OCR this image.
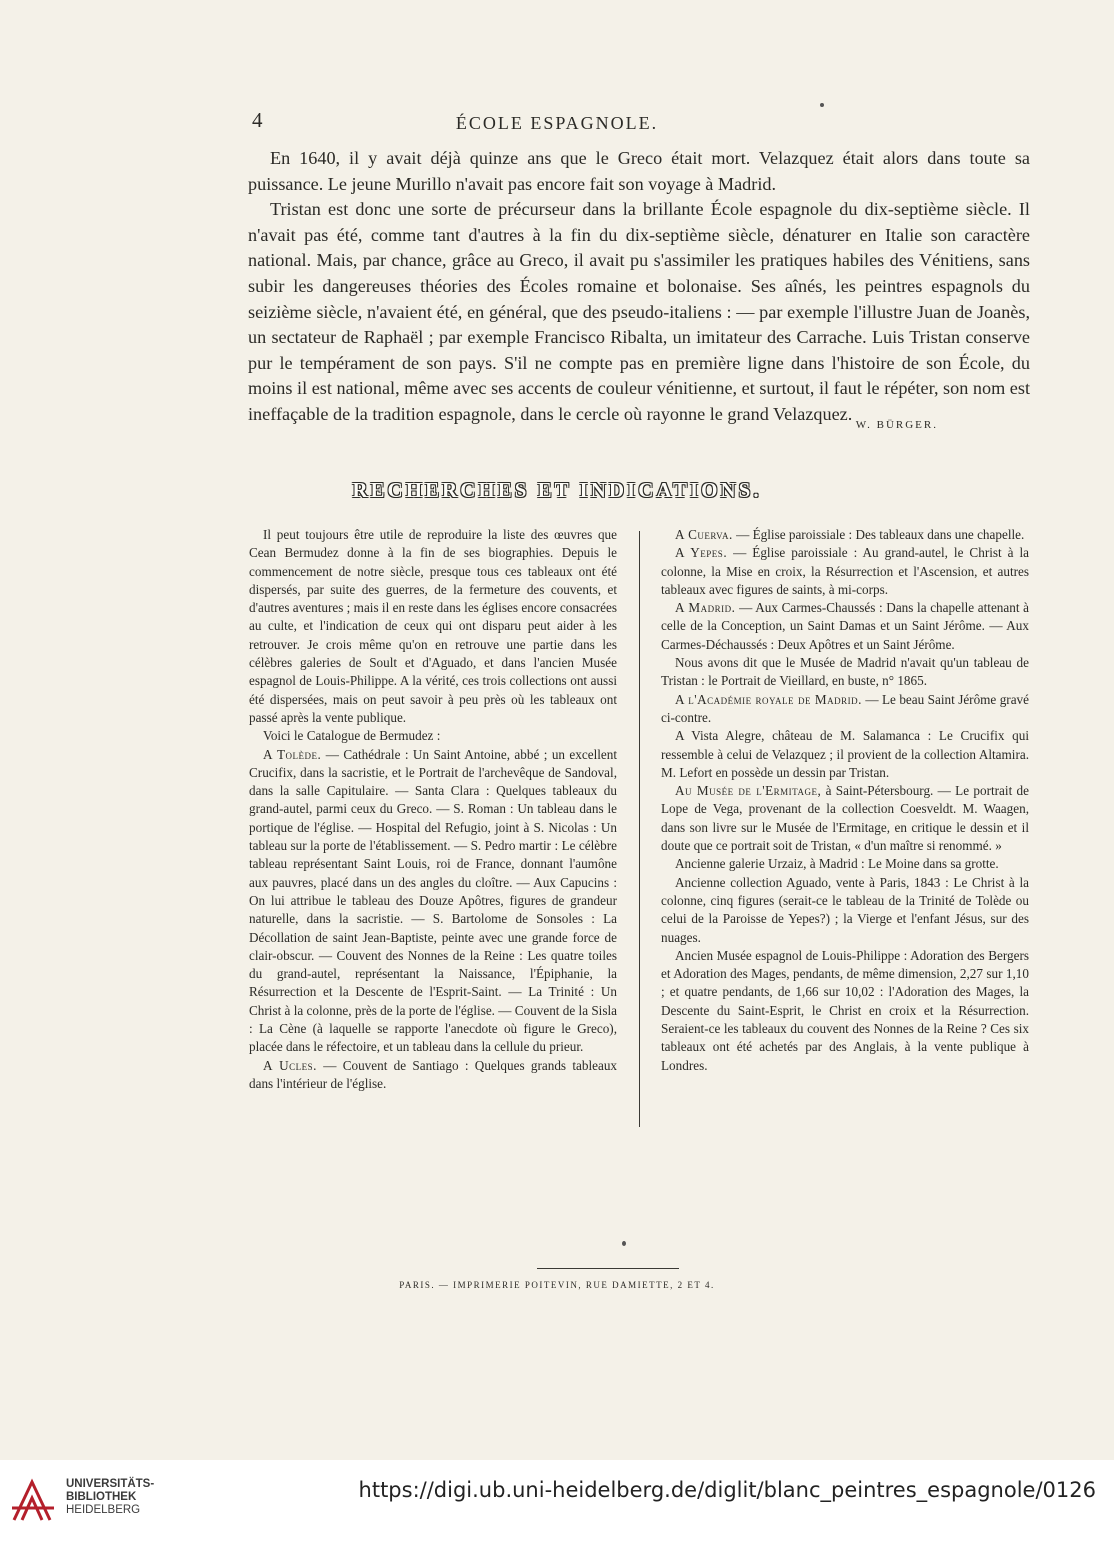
4	ÉCOLE ESPAGNOLE.

En 1640, il y avait déjà quinze ans que le Greco était mort. Velazquez était alors dans toute sa puissance. Le jeune Murillo n'avait pas encore fait son voyage à Madrid.

Tristan est donc une sorte de précurseur dans la brillante École espagnole du dix-septième siècle. Il n'avait pas été, comme tant d'autres à la fin du dix-septième siècle, dénaturer en Italie son caractère national. Mais, par chance, grâce au Greco, il avait pu s'assimiler les pratiques habiles des Vénitiens, sans subir les dangereuses théories des Écoles romaine et bolonaise. Ses aînés, les peintres espagnols du seizième siècle, n'avaient été, en général, que des pseudo-italiens : — par exemple l'illustre Juan de Joanès, un sectateur de Raphaël ; par exemple Francisco Ribalta, un imitateur des Carrache. Luis Tristan conserve pur le tempérament de son pays. S'il ne compte pas en première ligne dans l'histoire de son École, du moins il est national, même avec ses accents de couleur vénitienne, et surtout, il faut le répéter, son nom est ineffaçable de la tradition espagnole, dans le cercle où rayonne le grand Velazquez.

W. BÜRGER.
RECHERCHES ET INDICATIONS.

Il peut toujours être utile de reproduire la liste des œuvres que Cean Bermudez donne à la fin de ses biographies. Depuis le commencement de notre siècle, presque tous ces tableaux ont été dispersés, par suite des guerres, de la fermeture des couvents, et d'autres aventures ; mais il en reste dans les églises encore consacrées au culte, et l'indication de ceux qui ont disparu peut aider à les retrouver. Je crois même qu'on en retrouve une partie dans les célèbres galeries de Soult et d'Aguado, et dans l'ancien Musée espagnol de Louis-Philippe. A la vérité, ces trois collections ont aussi été dispersées, mais on peut savoir à peu près où les tableaux ont passé après la vente publique.

Voici le Catalogue de Bermudez :

A Tolède. — Cathédrale : Un Saint Antoine, abbé ; un excellent Crucifix, dans la sacristie, et le Portrait de l'archevêque de Sandoval, dans la salle Capitulaire. — Santa Clara : Quelques tableaux du grand-autel, parmi ceux du Greco. — S. Roman : Un tableau dans le portique de l'église. — Hospital del Refugio, joint à S. Nicolas : Un tableau sur la porte de l'établissement. — S. Pedro martir : Le célèbre tableau représentant Saint Louis, roi de France, donnant l'aumône aux pauvres, placé dans un des angles du cloître. — Aux Capucins : On lui attribue le tableau des Douze Apôtres, figures de grandeur naturelle, dans la sacristie. — S. Bartolome de Sonsoles : La Décollation de saint Jean-Baptiste, peinte avec une grande force de clair-obscur. — Couvent des Nonnes de la Reine : Les quatre toiles du grand-autel, représentant la Naissance, l'Épiphanie, la Résurrection et la Descente de l'Esprit-Saint. — La Trinité : Un Christ à la colonne, près de la porte de l'église. — Couvent de la Sisla : La Cène (à laquelle se rapporte l'anecdote où figure le Greco), placée dans le réfectoire, et un tableau dans la cellule du prieur.

A Ucles. — Couvent de Santiago : Quelques grands tableaux dans l'intérieur de l'église.

A Cuerva. — Église paroissiale : Des tableaux dans une chapelle.

A Yepes. — Église paroissiale : Au grand-autel, le Christ à la colonne, la Mise en croix, la Résurrection et l'Ascension, et autres tableaux avec figures de saints, à mi-corps.

A Madrid. — Aux Carmes-Chaussés : Dans la chapelle attenant à celle de la Conception, un Saint Damas et un Saint Jérôme. — Aux Carmes-Déchaussés : Deux Apôtres et un Saint Jérôme.

Nous avons dit que le Musée de Madrid n'avait qu'un tableau de Tristan : le Portrait de Vieillard, en buste, n° 1865.

A l'Académie royale de Madrid. — Le beau Saint Jérôme gravé ci-contre.

A Vista Alegre, château de M. Salamanca : Le Crucifix qui ressemble à celui de Velazquez ; il provient de la collection Altamira. M. Lefort en possède un dessin par Tristan.

Au Musée de l'Ermitage, à Saint-Pétersbourg. — Le portrait de Lope de Vega, provenant de la collection Coesveldt. M. Waagen, dans son livre sur le Musée de l'Ermitage, en critique le dessin et il doute que ce portrait soit de Tristan, « d'un maître si renommé. »

Ancienne galerie Urzaiz, à Madrid : Le Moine dans sa grotte.

Ancienne collection Aguado, vente à Paris, 1843 : Le Christ à la colonne, cinq figures (serait-ce le tableau de la Trinité de Tolède ou celui de la Paroisse de Yepes?) ; la Vierge et l'enfant Jésus, sur des nuages.

Ancien Musée espagnol de Louis-Philippe : Adoration des Bergers et Adoration des Mages, pendants, de même dimension, 2,27 sur 1,10 ; et quatre pendants, de 1,66 sur 10,02 : l'Adoration des Mages, la Descente du Saint-Esprit, le Christ en croix et la Résurrection. Seraient-ce les tableaux du couvent des Nonnes de la Reine ? Ces six tableaux ont été achetés par des Anglais, à la vente publique à Londres.

PARIS. — IMPRIMERIE POITEVIN, RUE DAMIETTE, 2 ET 4.
UNIVERSITÄTS-
BIBLIOTHEK
HEIDELBERG
https://digi.ub.uni-heidelberg.de/diglit/blanc_peintres_espagnole/0126
